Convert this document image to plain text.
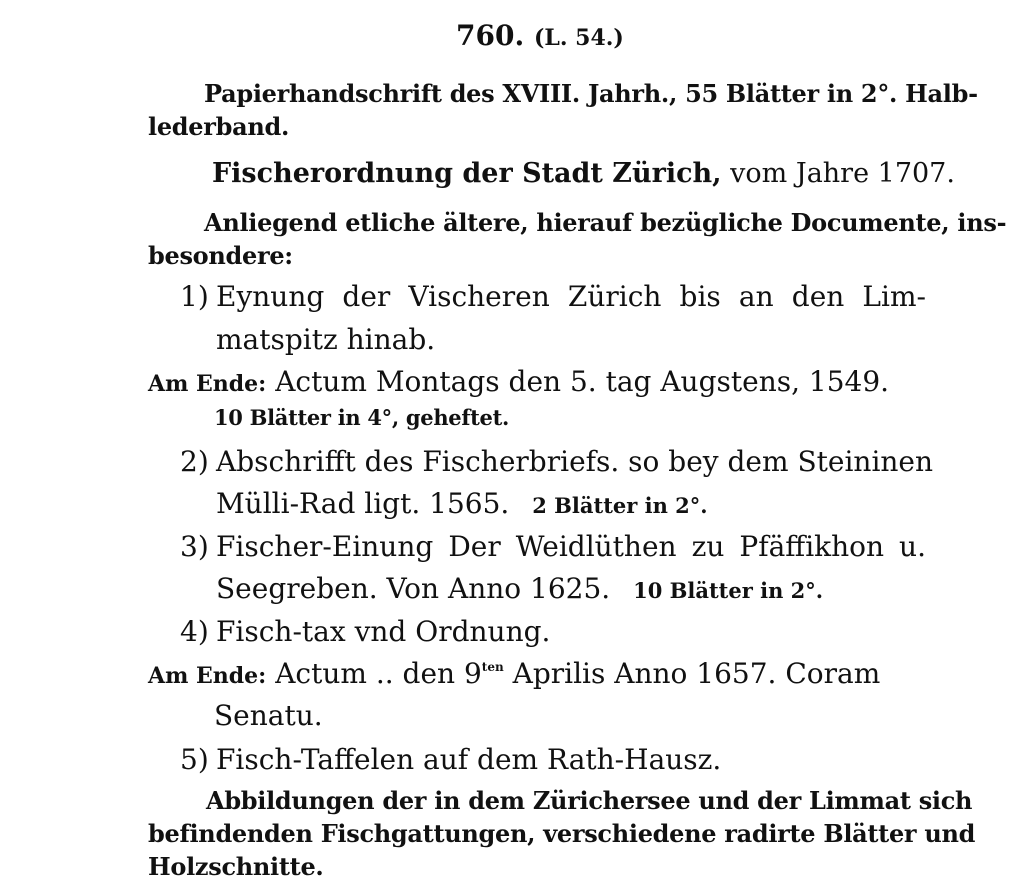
760. (L. 54.)
Papierhandschrift des XVIII. Jahrh., 55 Blätter in 2°. Halb-
lederband.
Fischerordnung der Stadt Zürich, vom Jahre 1707.
Anliegend etliche ältere, hierauf bezügliche Documente, ins-
besondere:
1) Eynung der Vischeren Zürich bis an den Lim-
matspitz hinab.
Am Ende: Actum Montags den 5. tag Augstens, 1549.
10 Blätter in 4°, geheftet.
2) Abschrifft des Fischerbriefs. so bey dem Steininen
Mülli-Rad ligt. 1565. 2 Blätter in 2°.
3) Fischer-Einung Der Weidlüthen zu Pfäffikhon u.
Seegreben. Von Anno 1625. 10 Blätter in 2°.
4) Fisch-tax vnd Ordnung.
Am Ende: Actum .. den $9^{ten}$ Aprilis Anno 1657. Coram
Senatu.
5) Fisch-Taffelen auf dem Rath-Hausz.
Abbildungen der in dem Zürichersee und der Limmat sich
befindenden Fischgattungen, verschiedene radirte Blätter und
Holzschnitte.
